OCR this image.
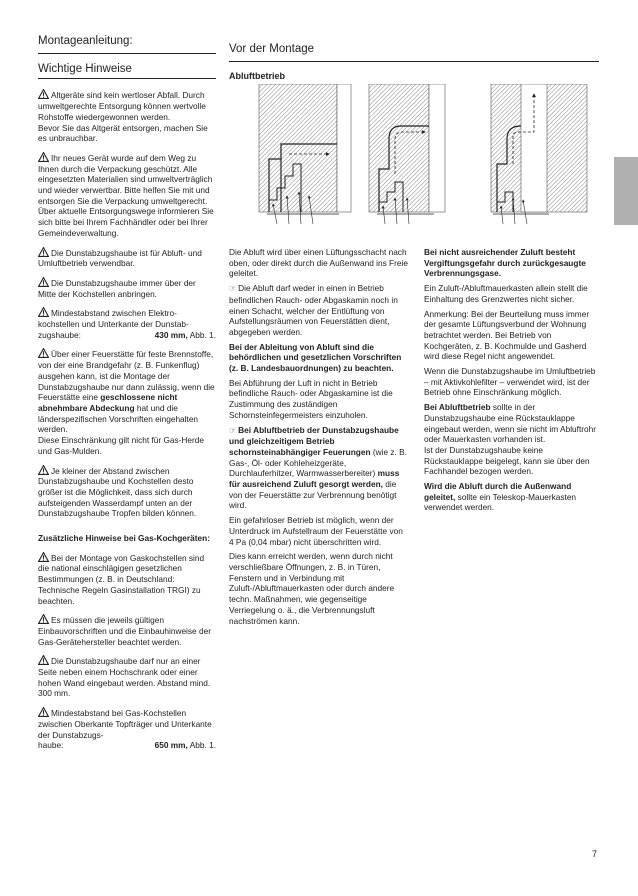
Montageanleitung:
Wichtige Hinweise

Altgeräte sind kein wertloser Abfall. Durch umweltgerechte Entsorgung können wertvolle Rohstoffe wiedergewonnen werden.
Bevor Sie das Altgerät entsorgen, machen Sie es unbrauchbar.

Ihr neues Gerät wurde auf dem Weg zu Ihnen durch die Verpackung geschützt. Alle eingesetzten Materialien sind umweltverträglich und wieder verwertbar. Bitte helfen Sie mit und entsorgen Sie die Verpackung umweltgerecht.
Über aktuelle Entsorgungswege informieren Sie sich bitte bei Ihrem Fachhändler oder bei Ihrer Gemeindeverwaltung.

Die Dunstabzugshaube ist für Abluft- und Umluftbetrieb verwendbar.

Die Dunstabzugshaube immer über der Mitte der Kochstellen anbringen.

Mindestabstand zwischen Elektro-kochstellen und Unterkante der Dunstab-

zugshaube:	430 mm, Abb. 1.

Über einer Feuerstätte für feste Brennstoffe, von der eine Brandgefahr (z. B. Funkenflug) ausgehen kann, ist die Montage der Dunstabzugshaube nur dann zulässig, wenn die Feuerstätte eine geschlossene nicht abnehmbare Abdeckung hat und die länderspezifischen Vorschriften eingehalten werden.
Diese Einschränkung gilt nicht für Gas-Herde und Gas-Mulden.

Je kleiner der Abstand zwischen Dunstabzugshaube und Kochstellen desto größer ist die Möglichkeit, dass sich durch aufsteigenden Wasserdampf unten an der Dunstabzugshaube Tropfen bilden können.

Zusätzliche Hinweise bei Gas-Kochgeräten:

Bei der Montage von Gaskochstellen sind die national einschlägigen gesetzlichen Bestimmungen (z. B. in Deutschland: Technische Regeln Gasinstallation TRGI) zu beachten.

Es müssen die jeweils gültigen Einbauvorschriften und die Einbauhinweise der Gas-Gerätehersteller beachtet werden.

Die Dunstabzugshaube darf nur an einer Seite neben einem Hochschrank oder einer hohen Wand eingebaut werden. Abstand mind. 300 mm.

Mindestabstand bei Gas-Kochstellen zwischen Oberkante Topfträger und Unterkante der Dunstabzugs-

haube:	650 mm, Abb. 1.

Vor der Montage
Abluftbetrieb

Die Abluft wird über einen Lüftungsschacht nach oben, oder direkt durch die Außenwand ins Freie geleitet.

☞ Die Abluft darf weder in einen in Betrieb befindlichen Rauch- oder Abgaskamin noch in einen Schacht, welcher der Entlüftung von Aufstellungsräumen von Feuerstätten dient, abgegeben werden.

Bei der Ableitung von Abluft sind die behördlichen und gesetzlichen Vorschriften (z. B. Landesbauordnungen) zu beachten.

Bei Abführung der Luft in nicht in Betrieb befindliche Rauch- oder Abgaskamine ist die Zustimmung des zuständigen Schornsteinfegermeisters einzuholen.

☞ Bei Abluftbetrieb der Dunstabzugshaube und gleichzeitigem Betrieb schornsteinabhängiger Feuerungen (wie z. B. Gas-, Öl- oder Kohleheizgeräte, Durchlauferhitzer, Warmwasserbereiter) muss für ausreichend Zuluft gesorgt werden, die von der Feuerstätte zur Verbrennung benötigt wird.

Ein gefahrloser Betrieb ist möglich, wenn der Unterdruck im Aufstellraum der Feuerstätte von 4 Pa (0,04 mbar) nicht überschritten wird.

Dies kann erreicht werden, wenn durch nicht verschließbare Öffnungen, z. B. in Türen, Fenstern und in Verbindung mit Zuluft-/Abluftmauerkasten oder durch andere techn. Maßnahmen, wie gegenseitige Verriegelung o. ä., die Verbrennungsluft nachströmen kann.

Bei nicht ausreichender Zuluft besteht Vergiftungsgefahr durch zurückgesaugte Verbrennungsgase.

Ein Zuluft-/Abluftmauerkasten allein stellt die Einhaltung des Grenzwertes nicht sicher.

Anmerkung: Bei der Beurteilung muss immer der gesamte Lüftungsverbund der Wohnung betrachtet werden. Bei Betrieb von Kochgeräten, z. B. Kochmulde und Gasherd wird diese Regel nicht angewendet.

Wenn die Dunstabzugshaube im Umluftbetrieb – mit Aktivkohlefilter – verwendet wird, ist der Betrieb ohne Einschränkung möglich.

Bei Abluftbetrieb sollte in der Dunstabzugshaube eine Rückstauklappe eingebaut werden, wenn sie nicht im Abluftrohr oder Mauerkasten vorhanden ist.
Ist der Dunstabzugshaube keine Rückstauklappe beigelegt, kann sie über den Fachhandel bezogen werden.

Wird die Abluft durch die Außenwand geleitet, sollte ein Teleskop-Mauerkasten verwendet werden.

7
